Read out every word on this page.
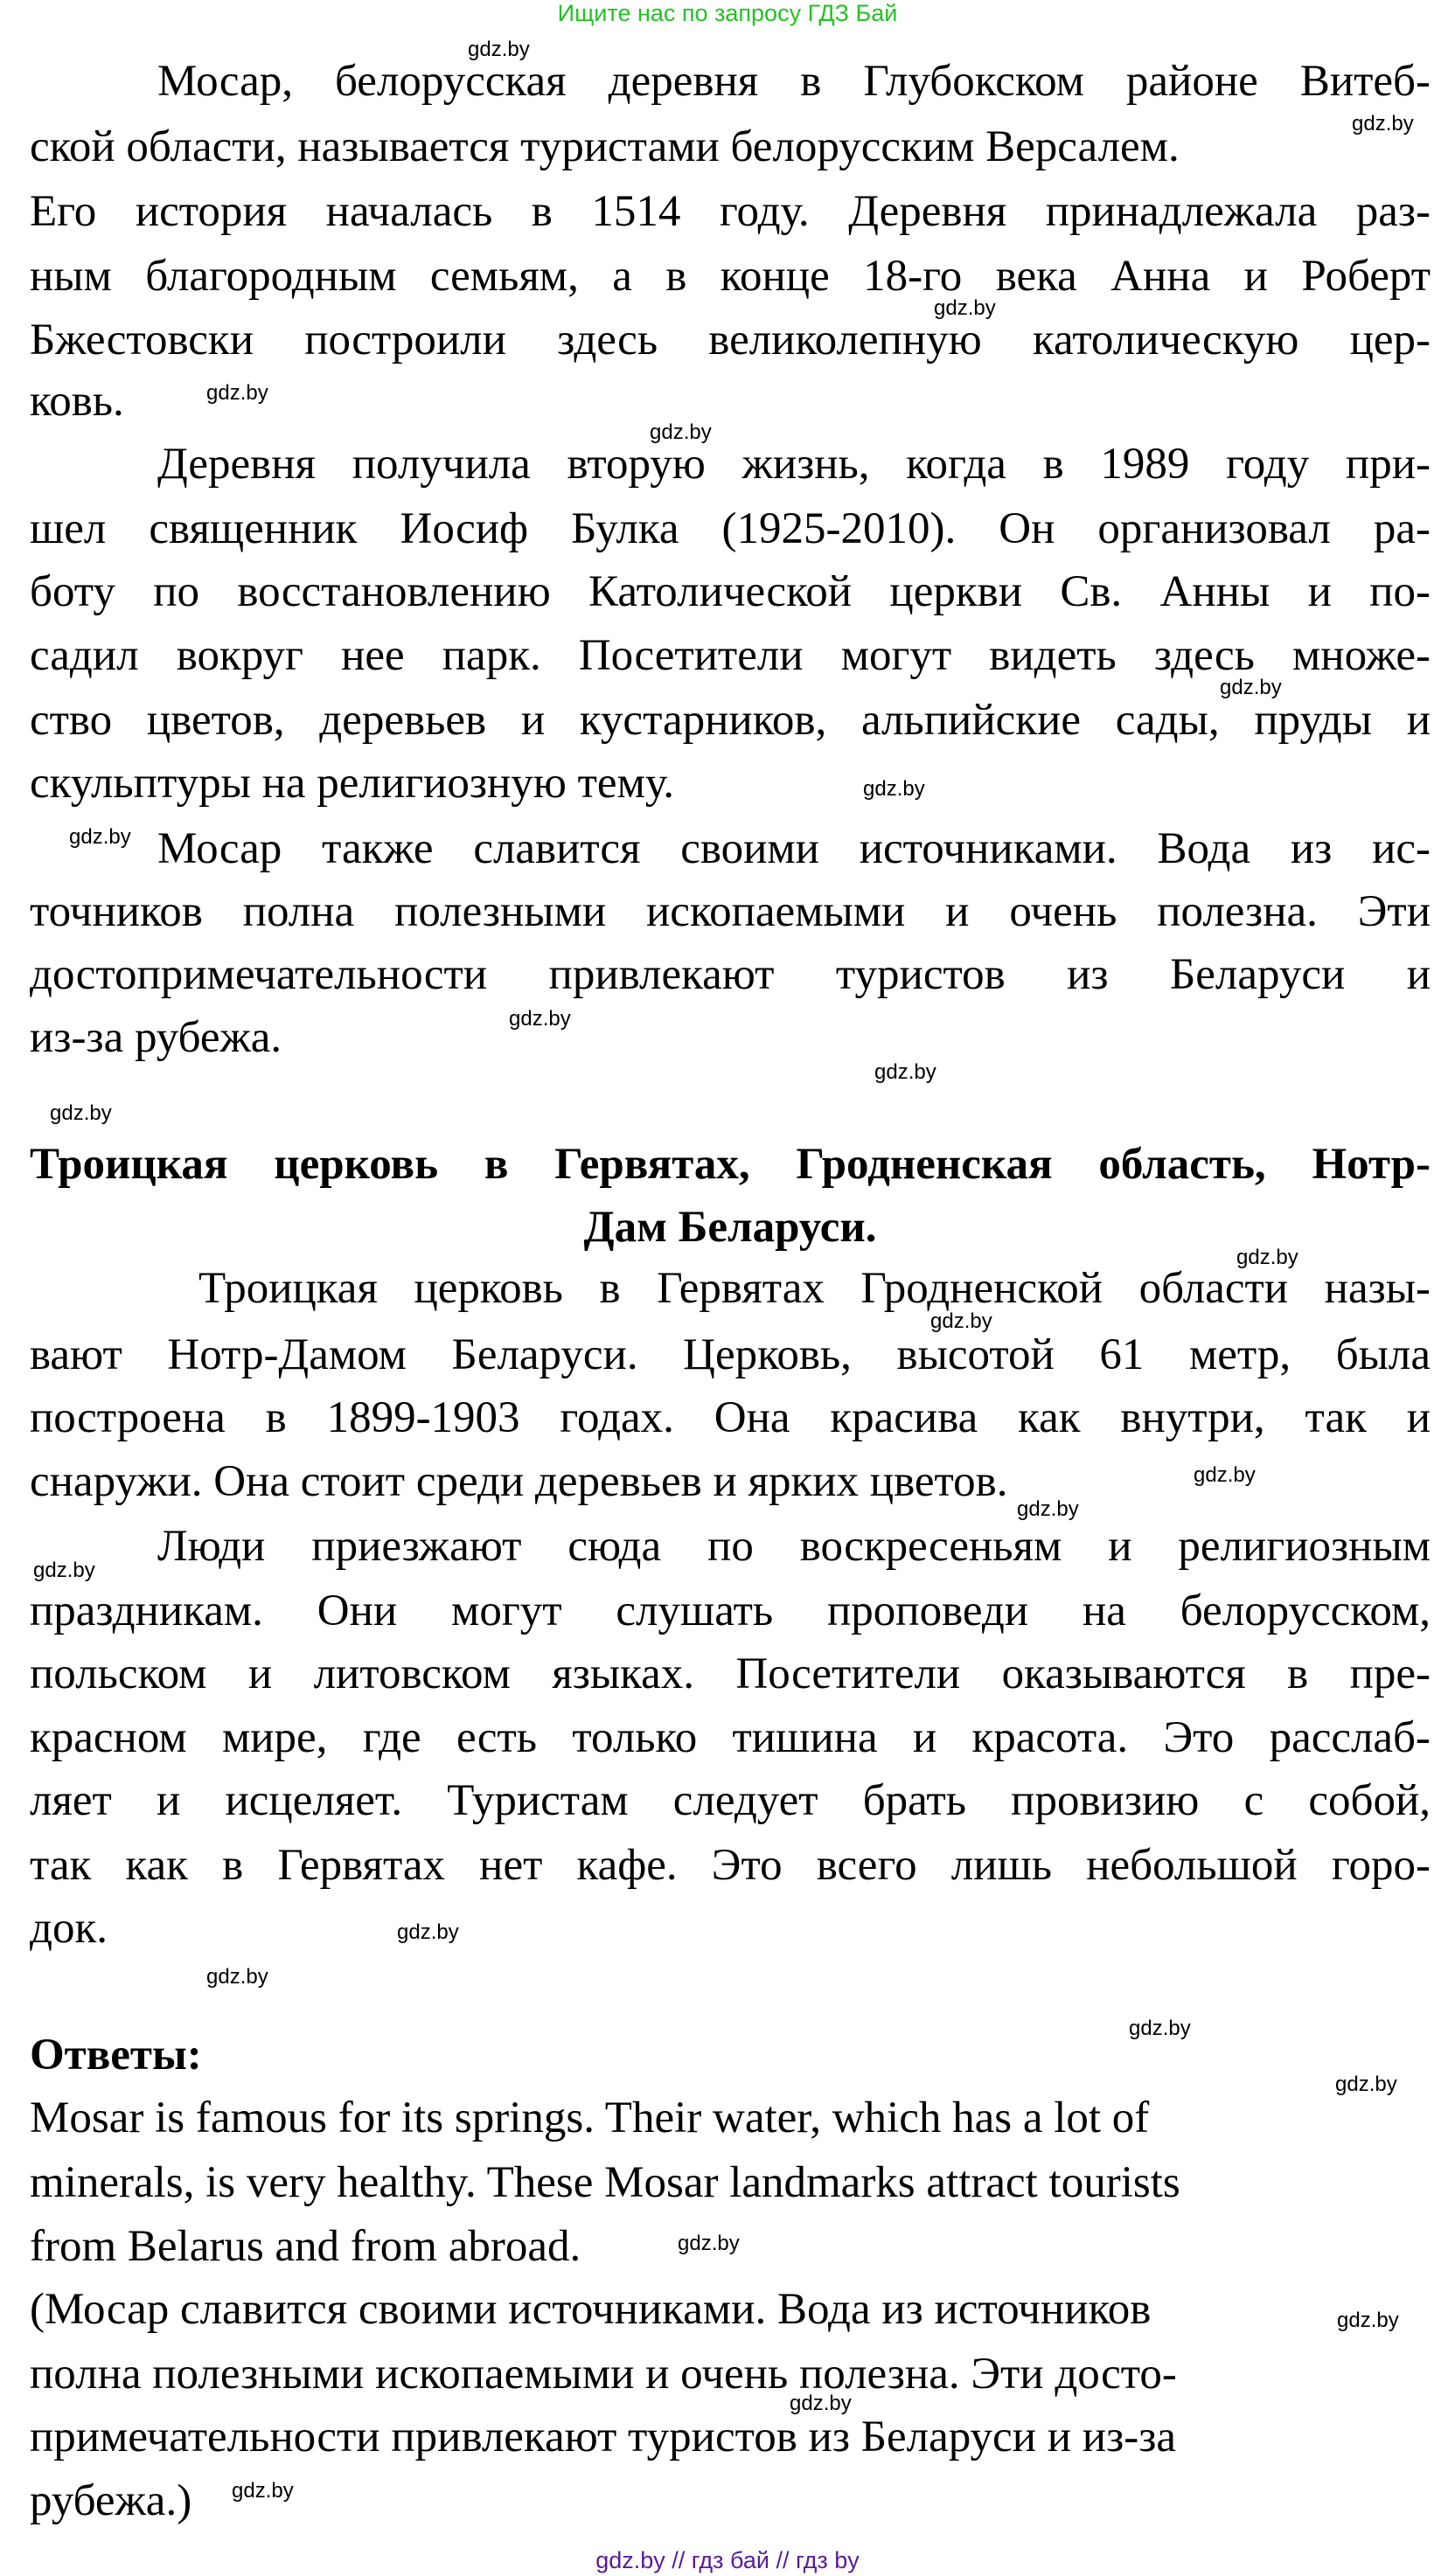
Ищите нас по запросу ГДЗ Бай
Мосар, белорусская деревня в Глубокском районе Витеб-
ской области, называется туристами белорусским Версалем.
Его история началась в 1514 году. Деревня принадлежала раз-
ным благородным семьям, а в конце 18-го века Анна и Роберт
Бжестовски построили здесь великолепную католическую цер-
ковь.
Деревня получила вторую жизнь, когда в 1989 году при-
шел священник Иосиф Булка (1925-2010). Он организовал ра-
боту по восстановлению Католической церкви Св. Анны и по-
садил вокруг нее парк. Посетители могут видеть здесь множе-
ство цветов, деревьев и кустарников, альпийские сады, пруды и
скульптуры на религиозную тему.
Мосар также славится своими источниками. Вода из ис-
точников полна полезными ископаемыми и очень полезна. Эти
достопримечательности привлекают туристов из Беларуси и
из-за рубежа.
Троицкая церковь в Гервятах, Гродненская область, Нотр-
Дам Беларуси.
Троицкая церковь в Гервятах Гродненской области назы-
вают Нотр-Дамом Беларуси. Церковь, высотой 61 метр, была
построена в 1899-1903 годах. Она красива как внутри, так и
снаружи. Она стоит среди деревьев и ярких цветов.
Люди приезжают сюда по воскресеньям и религиозным
праздникам. Они могут слушать проповеди на белорусском,
польском и литовском языках. Посетители оказываются в пре-
красном мире, где есть только тишина и красота. Это расслаб-
ляет и исцеляет. Туристам следует брать провизию с собой,
так как в Гервятах нет кафе. Это всего лишь небольшой горо-
док.
Ответы:
Mosar is famous for its springs. Their water, which has a lot of
minerals, is very healthy. These Mosar landmarks attract tourists
from Belarus and from abroad.
(Мосар славится своими источниками. Вода из источников
полна полезными ископаемыми и очень полезна. Эти досто-
примечательности привлекают туристов из Беларуси и из-за
рубежа.)
gdz.by
gdz.by
gdz.by
gdz.by
gdz.by
gdz.by
gdz.by
gdz.by
gdz.by
gdz.by
gdz.by
gdz.by
gdz.by
gdz.by
gdz.by
gdz.by
gdz.by
gdz.by
gdz.by
gdz.by
gdz.by
gdz.by
gdz.by
gdz.by
gdz.by // гдз бай // гдз by
